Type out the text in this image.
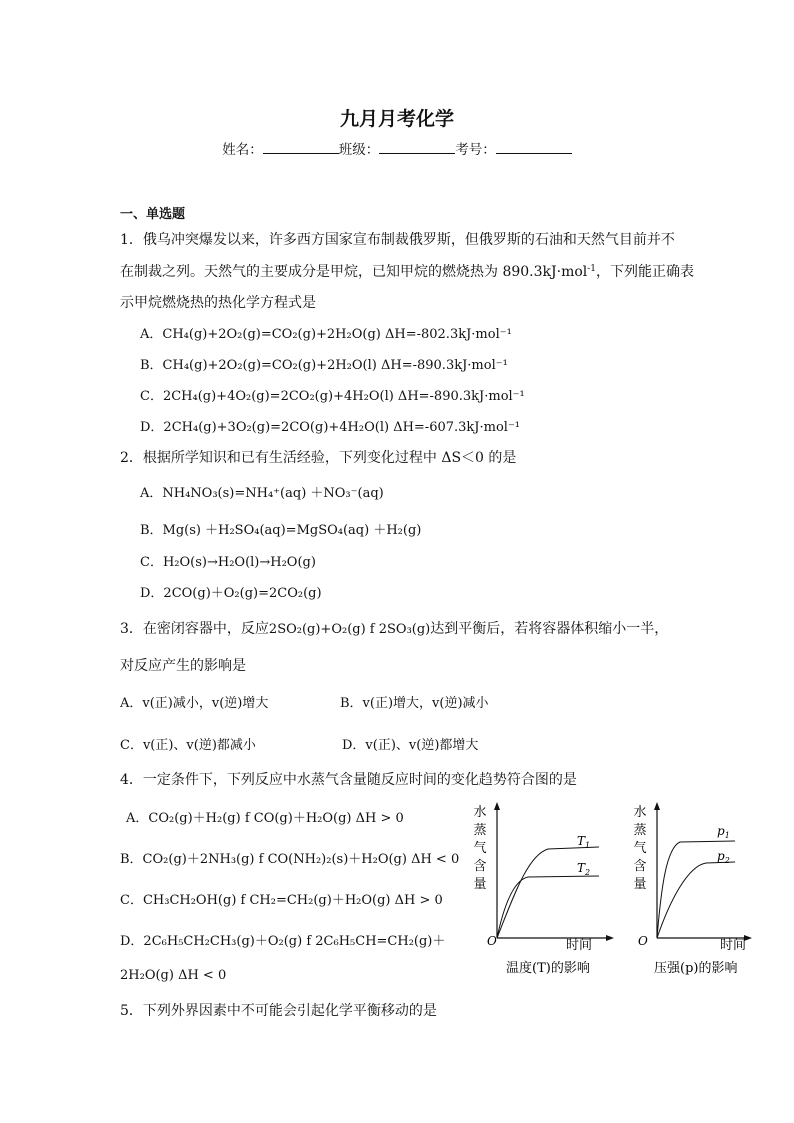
九月月考化学
姓名：	班级：	考号：
一、单选题
1．俄乌冲突爆发以来，许多西方国家宣布制裁俄罗斯，但俄罗斯的石油和天然气目前并不
在制裁之列。天然气的主要成分是甲烷，已知甲烷的燃烧热为 890.3kJ·mol$^{-1}$，下列能正确表
示甲烷燃烧热的热化学方程式是
A．CH₄(g)+2O₂(g)=CO₂(g)+2H₂O(g) ΔH=-802.3kJ·mol⁻¹
B．CH₄(g)+2O₂(g)=CO₂(g)+2H₂O(l) ΔH=-890.3kJ·mol⁻¹
C．2CH₄(g)+4O₂(g)=2CO₂(g)+4H₂O(l) ΔH=-890.3kJ·mol⁻¹
D．2CH₄(g)+3O₂(g)=2CO(g)+4H₂O(l) ΔH=-607.3kJ·mol⁻¹
2．根据所学知识和已有生活经验，下列变化过程中 ΔS＜0 的是
A．NH₄NO₃(s)=NH₄⁺(aq) ＋NO₃⁻(aq)
B．Mg(s) ＋H₂SO₄(aq)=MgSO₄(aq) ＋H₂(g)
C．H₂O(s)→H₂O(l)→H₂O(g)
D．2CO(g)＋O₂(g)=2CO₂(g)
3．在密闭容器中，反应2SO₂(g)+O₂(g) f 2SO₃(g)达到平衡后，若将容器体积缩小一半，
对反应产生的影响是
A．v(正)减小，v(逆)增大	B．v(正)增大，v(逆)减小
C．v(正)、v(逆)都减小	D．v(正)、v(逆)都增大
4．一定条件下，下列反应中水蒸气含量随反应时间的变化趋势符合图的是
A．CO₂(g)＋H₂(g) f CO(g)＋H₂O(g) ΔH > 0
B．CO₂(g)＋2NH₃(g) f CO(NH₂)₂(s)＋H₂O(g) ΔH < 0
C．CH₃CH₂OH(g) f CH₂=CH₂(g)＋H₂O(g) ΔH > 0
D．2C₆H₅CH₂CH₃(g)＋O₂(g) f 2C₆H₅CH=CH₂(g)＋
2H₂O(g) ΔH < 0
水
蒸
气
含
量
$T_1$
$T_2$
O	时间
温度(T)的影响
水
蒸
气
含
量
$p_1$
$p_2$
O	时间
压强(p)的影响
5．下列外界因素中不可能会引起化学平衡移动的是
